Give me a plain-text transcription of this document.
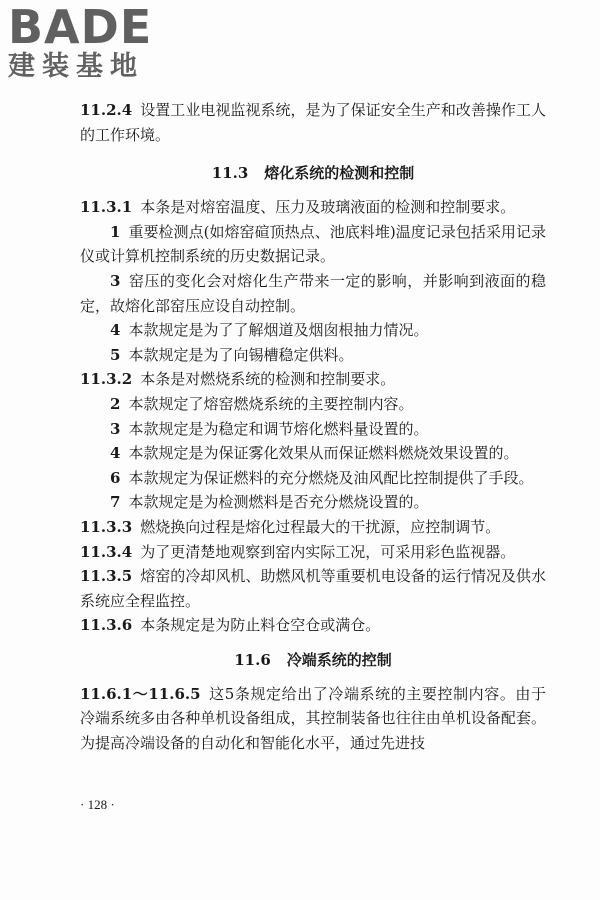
BADE
建装基地

11.2.4 设置工业电视监视系统，是为了保证安全生产和改善操作工人的工作环境。

11.3 熔化系统的检测和控制

11.3.1 本条是对熔窑温度、压力及玻璃液面的检测和控制要求。

1 重要检测点(如熔窑碹顶热点、池底料堆)温度记录包括采用记录仪或计算机控制系统的历史数据记录。

3 窑压的变化会对熔化生产带来一定的影响，并影响到液面的稳定，故熔化部窑压应设自动控制。

4 本款规定是为了了解烟道及烟囱根抽力情况。

5 本款规定是为了向锡槽稳定供料。

11.3.2 本条是对燃烧系统的检测和控制要求。

2 本款规定了熔窑燃烧系统的主要控制内容。

3 本款规定是为稳定和调节熔化燃料量设置的。

4 本款规定是为保证雾化效果从而保证燃料燃烧效果设置的。

6 本款规定为保证燃料的充分燃烧及油风配比控制提供了手段。

7 本款规定是为检测燃料是否充分燃烧设置的。

11.3.3 燃烧换向过程是熔化过程最大的干扰源，应控制调节。

11.3.4 为了更清楚地观察到窑内实际工况，可采用彩色监视器。

11.3.5 熔窑的冷却风机、助燃风机等重要机电设备的运行情况及供水系统应全程监控。

11.3.6 本条规定是为防止料仓空仓或满仓。

11.6 冷端系统的控制

11.6.1～11.6.5 这5条规定给出了冷端系统的主要控制内容。由于冷端系统多由各种单机设备组成，其控制装备也往往由单机设备配套。为提高冷端设备的自动化和智能化水平，通过先进技

· 128 ·
